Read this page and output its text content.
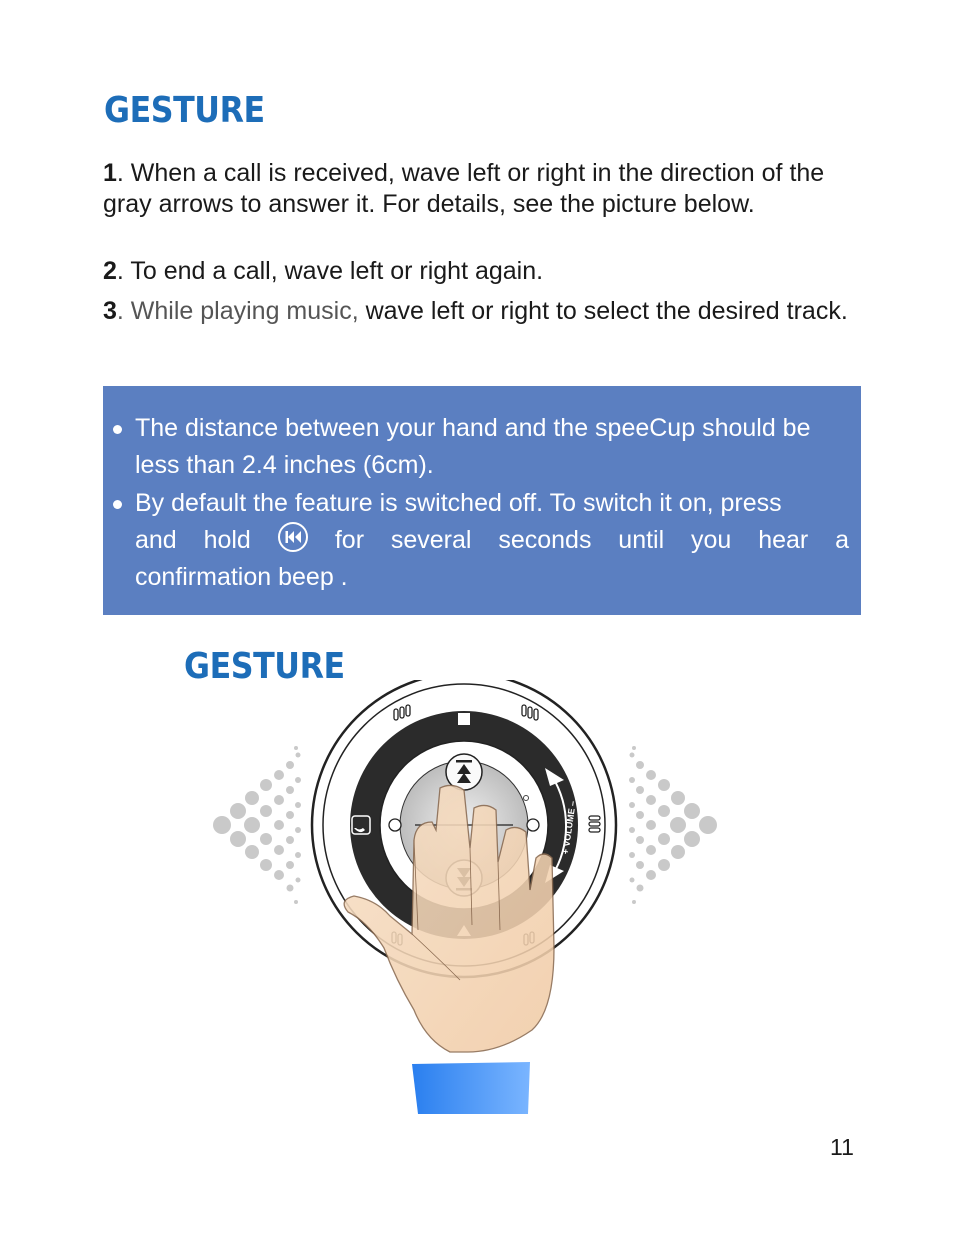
GESTURE
1. When a call is received, wave left or right in the direction of the gray arrows to answer it. For details, see the picture below.
2. To end a call, wave left or right again.
3. While playing music, wave left or right to select the desired track.
The distance between your hand and the speeCup should be less than 2.4 inches (6cm).
By default the feature is switched off. To switch it on, press
and hold	for several seconds until you hear a
confirmation beep .
GESTURE
+ VOLUME –
11
